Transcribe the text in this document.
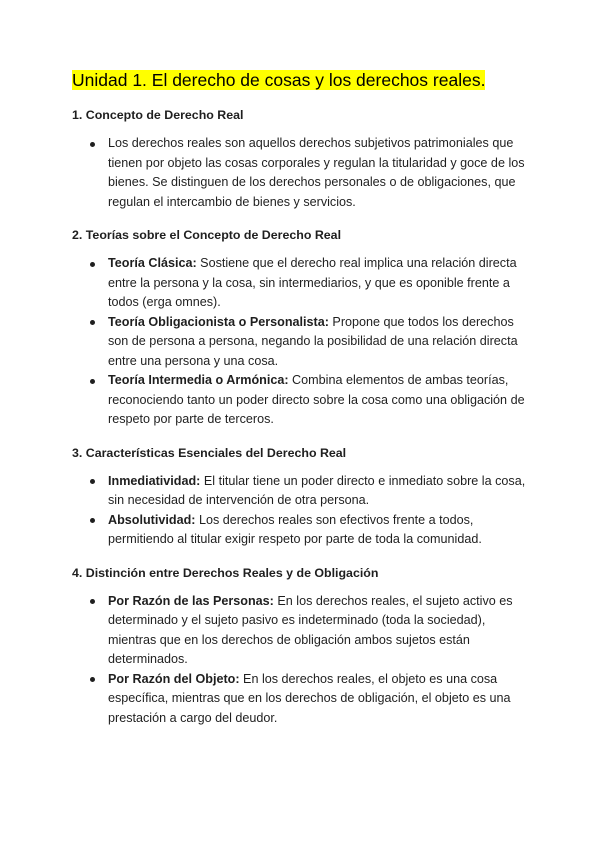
Unidad 1. El derecho de cosas y los derechos reales.
1. Concepto de Derecho Real
Los derechos reales son aquellos derechos subjetivos patrimoniales que tienen por objeto las cosas corporales y regulan la titularidad y goce de los bienes. Se distinguen de los derechos personales o de obligaciones, que regulan el intercambio de bienes y servicios.
2. Teorías sobre el Concepto de Derecho Real
Teoría Clásica: Sostiene que el derecho real implica una relación directa entre la persona y la cosa, sin intermediarios, y que es oponible frente a todos (erga omnes).
Teoría Obligacionista o Personalista: Propone que todos los derechos son de persona a persona, negando la posibilidad de una relación directa entre una persona y una cosa.
Teoría Intermedia o Armónica: Combina elementos de ambas teorías, reconociendo tanto un poder directo sobre la cosa como una obligación de respeto por parte de terceros.
3. Características Esenciales del Derecho Real
Inmediatividad: El titular tiene un poder directo e inmediato sobre la cosa, sin necesidad de intervención de otra persona.
Absolutividad: Los derechos reales son efectivos frente a todos, permitiendo al titular exigir respeto por parte de toda la comunidad.
4. Distinción entre Derechos Reales y de Obligación
Por Razón de las Personas: En los derechos reales, el sujeto activo es determinado y el sujeto pasivo es indeterminado (toda la sociedad), mientras que en los derechos de obligación ambos sujetos están determinados.
Por Razón del Objeto: En los derechos reales, el objeto es una cosa específica, mientras que en los derechos de obligación, el objeto es una prestación a cargo del deudor.
